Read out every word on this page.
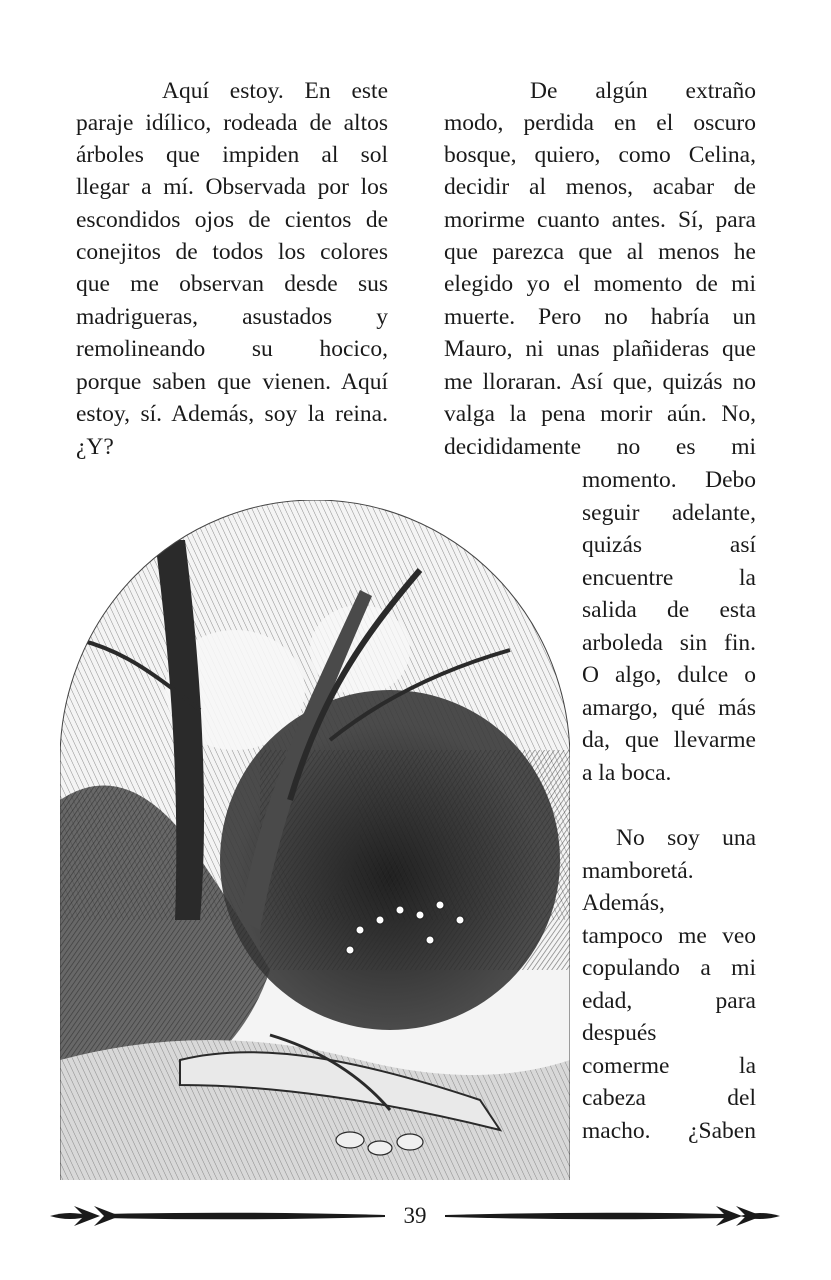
Aquí estoy. En este
paraje idílico, rodeada de altos
árboles que impiden al sol
llegar a mí. Observada por los
escondidos ojos de cientos de
conejitos de todos los colores
que me observan desde sus
madrigueras, asustados y
remolineando su hocico,
porque saben que vienen. Aquí
estoy, sí. Además, soy la reina.
¿Y?
De algún extraño
modo, perdida en el oscuro
bosque, quiero, como Celina,
decidir al menos, acabar de
morirme cuanto antes. Sí, para
que parezca que al menos he
elegido yo el momento de mi
muerte. Pero no habría un
Mauro, ni unas plañideras que
me lloraran. Así que, quizás no
valga la pena morir aún. No,
decididamente no es mi
momento. Debo
seguir adelante,
quizás así
encuentre la
salida de esta
arboleda sin fin.
O algo, dulce o
amargo, qué más
da, que llevarme
a la boca.
No soy una
mamboretá.
Además,
tampoco me veo
copulando a mi
edad, para
después
comerme la
cabeza del
macho. ¿Saben
39
